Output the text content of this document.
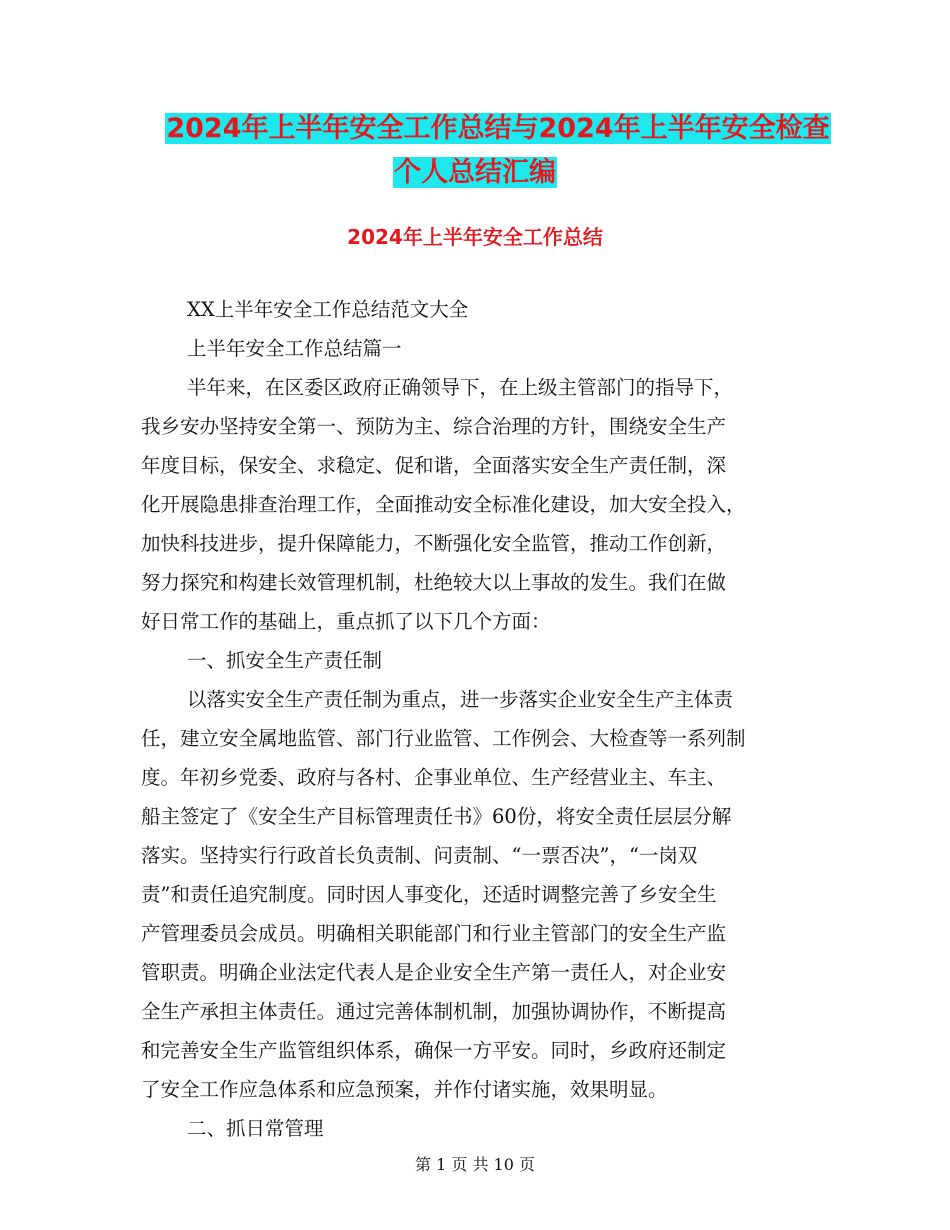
2024年上半年安全工作总结与2024年上半年安全检查
个人总结汇编
2024年上半年安全工作总结
XX上半年安全工作总结范文大全
上半年安全工作总结篇一
半年来，在区委区政府正确领导下，在上级主管部门的指导下，
我乡安办坚持安全第一、预防为主、综合治理的方针，围绕安全生产
年度目标，保安全、求稳定、促和谐，全面落实安全生产责任制，深
化开展隐患排查治理工作，全面推动安全标准化建设，加大安全投入，
加快科技进步，提升保障能力，不断强化安全监管，推动工作创新，
努力探究和构建长效管理机制，杜绝较大以上事故的发生。我们在做
好日常工作的基础上，重点抓了以下几个方面：
一、抓安全生产责任制
以落实安全生产责任制为重点，进一步落实企业安全生产主体责
任，建立安全属地监管、部门行业监管、工作例会、大检查等一系列制
度。年初乡党委、政府与各村、企事业单位、生产经营业主、车主、
船主签定了《安全生产目标管理责任书》60份，将安全责任层层分解
落实。坚持实行行政首长负责制、问责制、“一票否决”，“一岗双
责”和责任追究制度。同时因人事变化，还适时调整完善了乡安全生
产管理委员会成员。明确相关职能部门和行业主管部门的安全生产监
管职责。明确企业法定代表人是企业安全生产第一责任人，对企业安
全生产承担主体责任。通过完善体制机制，加强协调协作，不断提高
和完善安全生产监管组织体系，确保一方平安。同时，乡政府还制定
了安全工作应急体系和应急预案，并作付诸实施，效果明显。
二、抓日常管理
第 1 页 共 10 页
